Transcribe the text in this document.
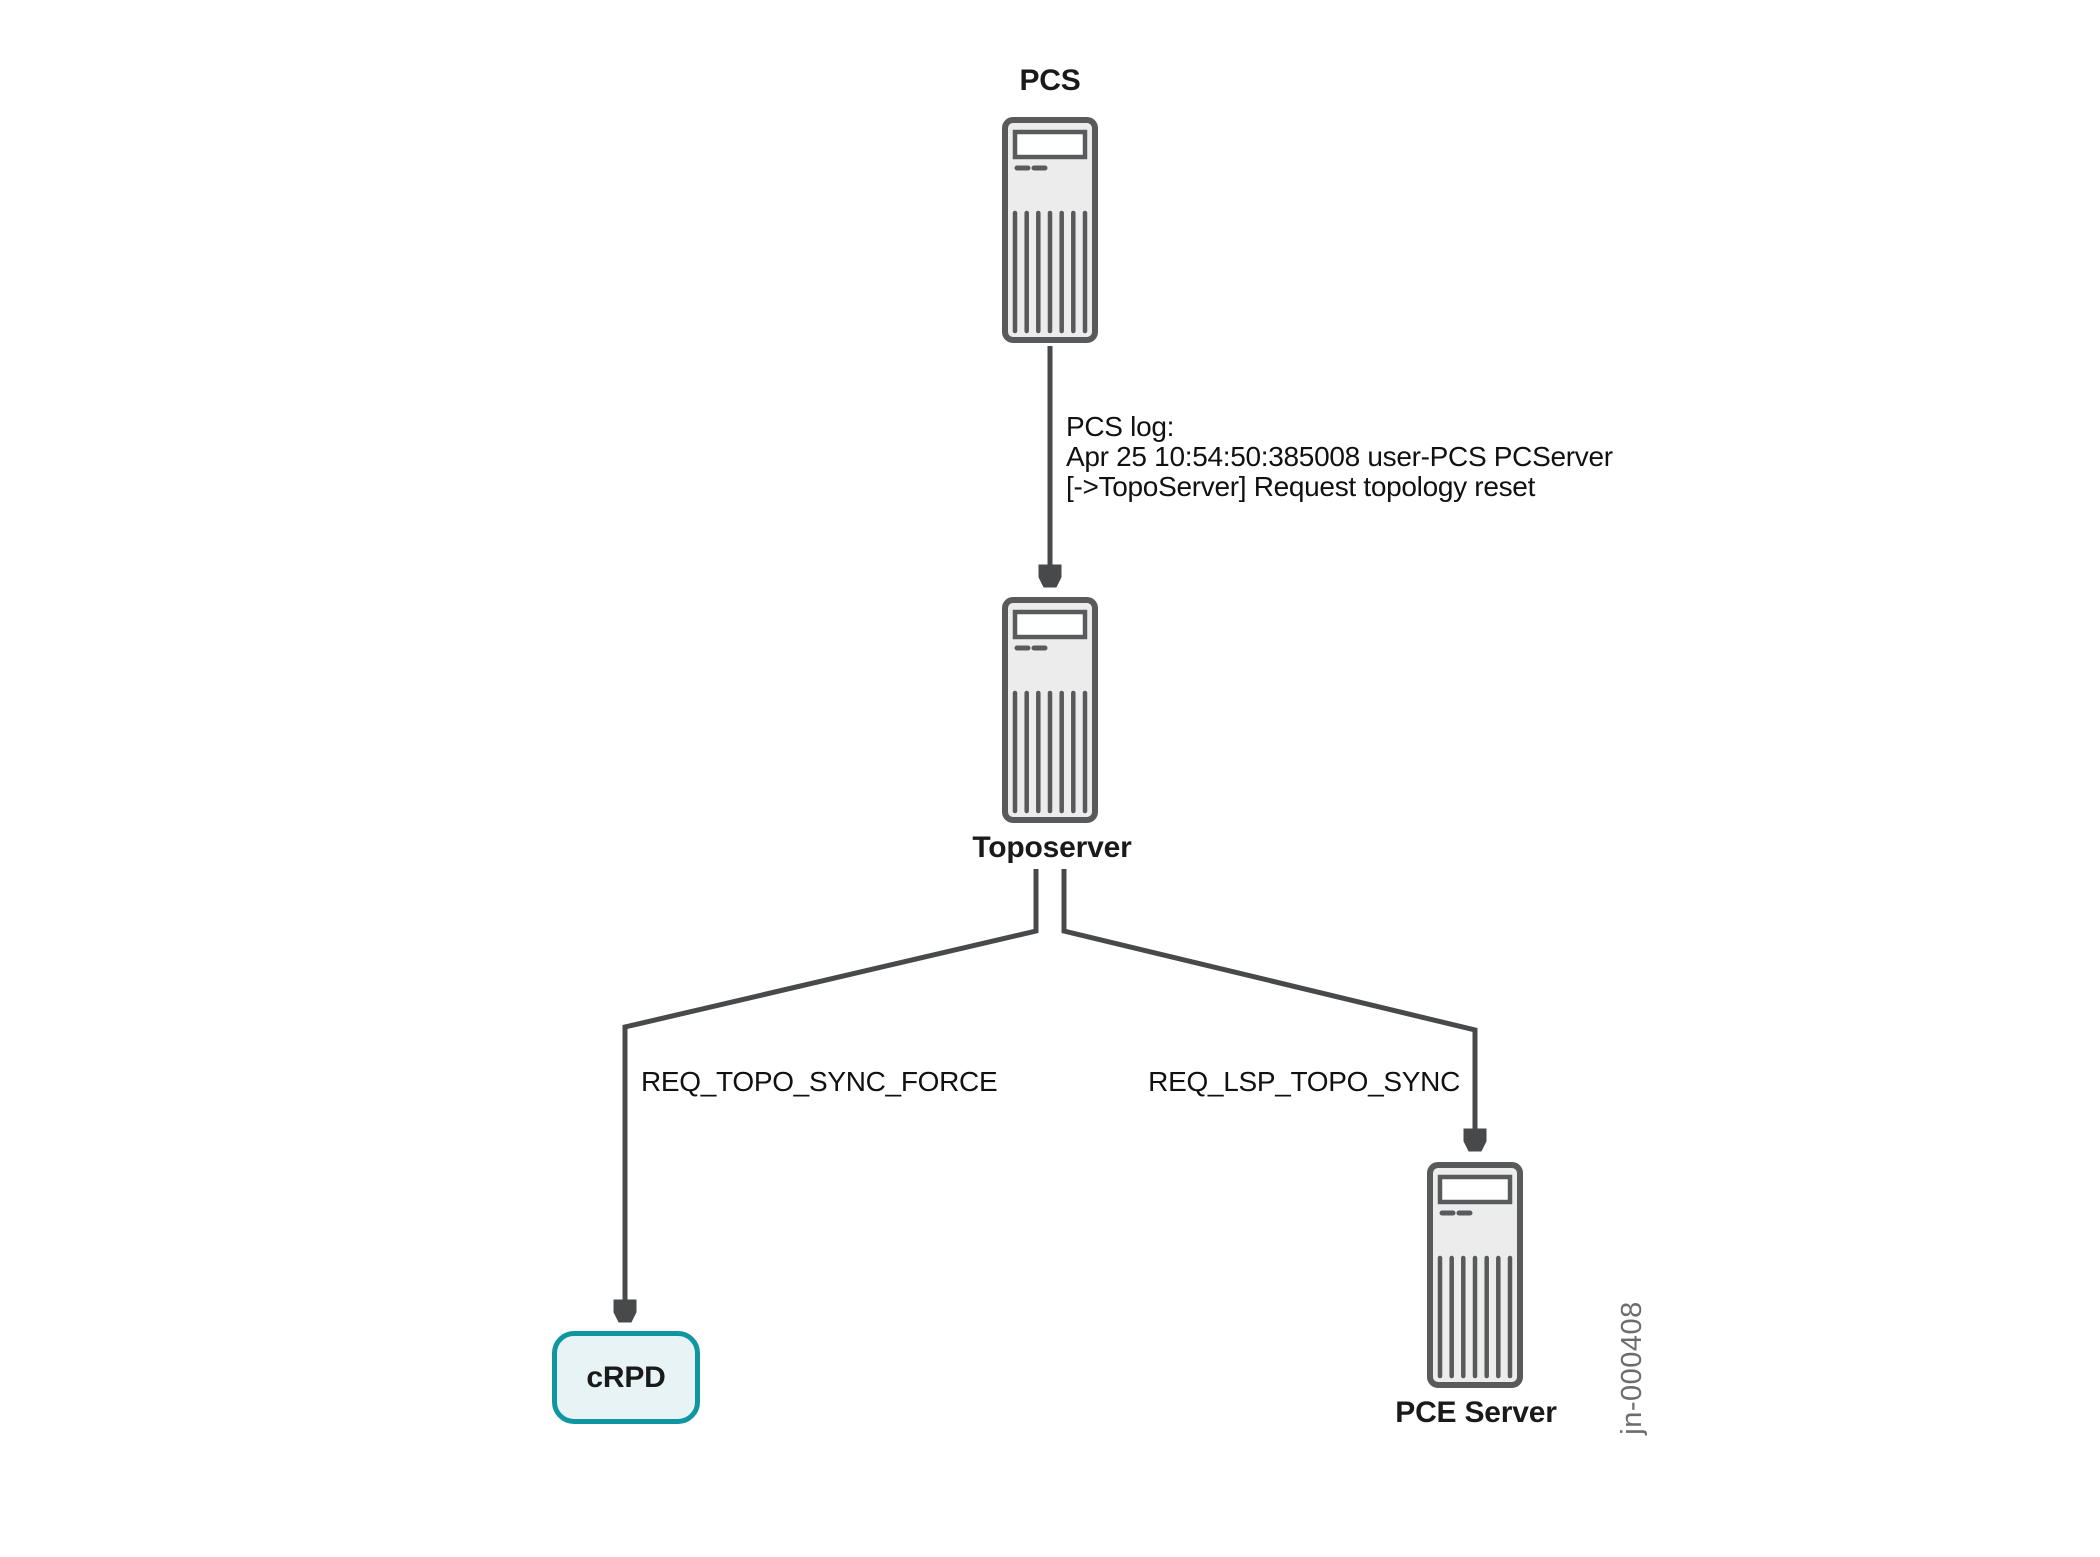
PCS
PCS log:
Apr 25 10:54:50:385008 user-PCS PCServer
[->TopoServer] Request topology reset
Toposerver
REQ_TOPO_SYNC_FORCE	REQ_LSP_TOPO_SYNC
cRPD
PCE Server	jn-000408
